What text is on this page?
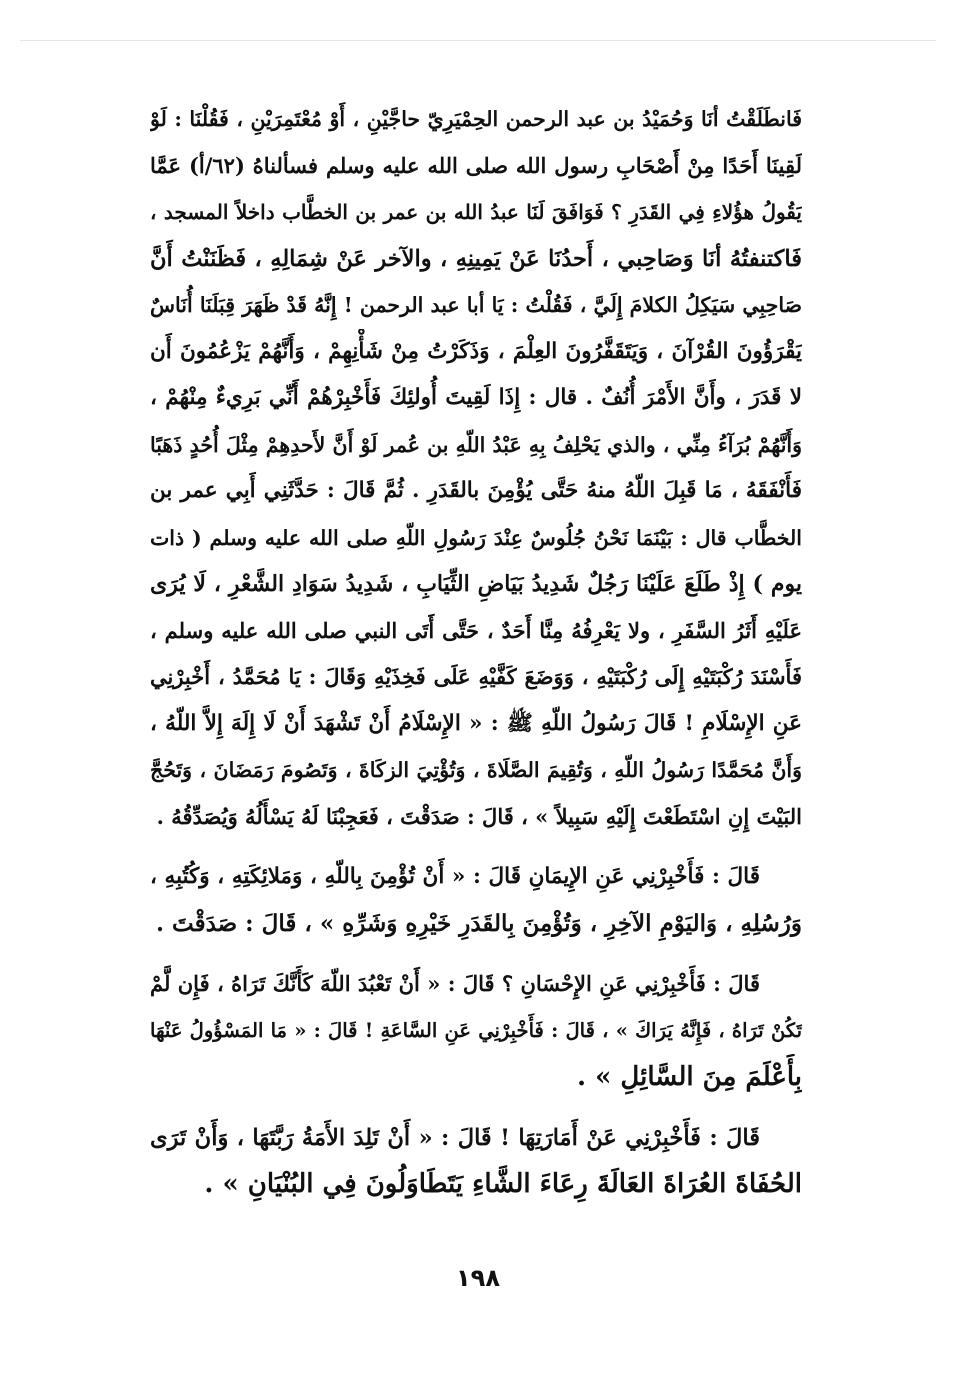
فَانطَلَقْتُ أنَا وَحُمَيْدُ بن عبد الرحمن الحِمْيَرِيّ حاجَّيْنِ ، أَوْ مُعْتَمِرَيْنِ ، فَقُلْنَا : لَوْ
لَقِينَا أَحَدًا مِنْ أَصْحَابِ رسول الله صلى الله عليه وسلم فسألناهُ (٦٢/أ) عَمَّا
يَقُولُ هؤُلاءِ فِي القَدَرِ ؟ فَوَافَقَ لَنَا عبدُ الله بن عمر بن الخطَّاب داخلاً المسجد ،
فَاكتنفتُهُ أنَا وَصَاحِبي ، أَحدُنَا عَنْ يَمِينِهِ ، والآخر عَنْ شِمَالِهِ ، فَظَنَنْتُ أَنَّ
صَاحِبِي سَيَكِلُ الكلامَ إِلَيَّ ، فَقُلْتُ : يَا أبا عبد الرحمن ! إِنَّهُ قَدْ ظَهَرَ قِبَلَنَا أُنَاسٌ
يَقْرَؤُونَ القُرْآنَ ، وَيَتَقَفَّرُونَ العِلْمَ ، وَذَكَرْتُ مِنْ شَأْنِهِمْ ، وَأَنَّهُمْ يَزْعُمُونَ أَن
لا قَدَرَ ، وأَنَّ الأَمْرَ أُنُفٌ . قال : إِذَا لَقِيتَ أُولئِكَ فَأَخْبِرْهُمْ أَنِّي بَرِيءٌ مِنْهُمْ ،
وَأَنَّهُمْ بُرَآءُ مِنِّي ، والذي يَحْلِفُ بِهِ عَبْدُ اللّهِ بن عُمر لَوْ أَنَّ لأَحدِهِمْ مِثْلَ أُحُدٍ ذَهَبًا
فَأَنْفَقَهُ ، مَا قَبِلَ اللّهُ منهُ حَتَّى يُؤْمِنَ بالقَدَرِ . ثُمَّ قَالَ : حَدَّثَنِي أَبِي عمر بن
الخطَّاب قال : بَيْنَمَا نَحْنُ جُلُوسٌ عِنْدَ رَسُولِ اللّهِ صلى الله عليه وسلم ( ذات
يوم ) إِذْ طَلَعَ عَلَيْنَا رَجُلٌ شَدِيدُ بَيَاضِ الثِّيَابِ ، شَدِيدُ سَوَادِ الشَّعْرِ ، لَا يُرَى
عَلَيْهِ أَثَرُ السَّفَرِ ، ولا يَعْرِفُهُ مِنَّا أَحَدٌ ، حَتَّى أَتَى النبي صلى الله عليه وسلم ،
فَأَسْنَدَ رُكْبَتَيْهِ إِلَى رُكْبَتَيْهِ ، وَوَضَعَ كَفَّيْهِ عَلَى فَخِذَيْهِ وَقَالَ : يَا مُحَمَّدُ ، أَخْبِرْنِي
عَنِ الإِسْلَامِ ! قَالَ رَسُولُ اللّهِ ﷺ : « الإِسْلَامُ أَنْ تَشْهَدَ أَنْ لَا إِلَهَ إِلاَّ اللّهُ ،
وَأَنَّ مُحَمَّدًا رَسُولُ اللّهِ ، وَتُقِيمَ الصَّلَاةَ ، وَتُؤْتِيَ الزكَاةَ ، وَتَصُومَ رَمَضَانَ ، وَتَحُجَّ
البَيْتَ إِنِ اسْتَطَعْتَ إِلَيْهِ سَبِيلاً » ، قَالَ : صَدَقْتَ ، فَعَجِبْنَا لَهُ يَسْأَلُهُ وَيُصَدِّقُهُ .
قَالَ : فَأَخْبِرْنِي عَنِ الإِيمَانِ قَالَ : « أَنْ تُؤْمِنَ بِاللّهِ ، وَمَلائِكَتِهِ ، وَكُتُبِهِ ،
وَرُسُلِهِ ، وَاليَوْمِ الآخِرِ ، وَتُؤْمِنَ بِالقَدَرِ خَيْرِهِ وَشَرِّهِ » ، قَالَ : صَدَقْتَ .
قَالَ : فَأَخْبِرْنِي عَنِ الإِحْسَانِ ؟ قَالَ : « أَنْ تَعْبُدَ اللّهَ كَأَنَّكَ تَرَاهُ ، فَإِن لَّمْ
تَكُنْ تَرَاهُ ، فَإِنَّهُ يَرَاكَ » ، قَالَ : فَأَخْبِرْنِي عَنِ السَّاعَةِ ! قَالَ : « مَا المَسْؤُولُ عَنْهَا
بِأَعْلَمَ مِنَ السَّائِلِ » .
قَالَ : فَأَخْبِرْنِي عَنْ أَمَارَتِهَا ! قَالَ : « أَنْ تَلِدَ الأَمَةُ رَبَّتَهَا ، وَأَنْ تَرَى
الحُفَاةَ العُرَاةَ العَالَةَ رِعَاءَ الشَّاءِ يَتَطَاوَلُونَ فِي البُنْيَانِ » .
١٩٨
